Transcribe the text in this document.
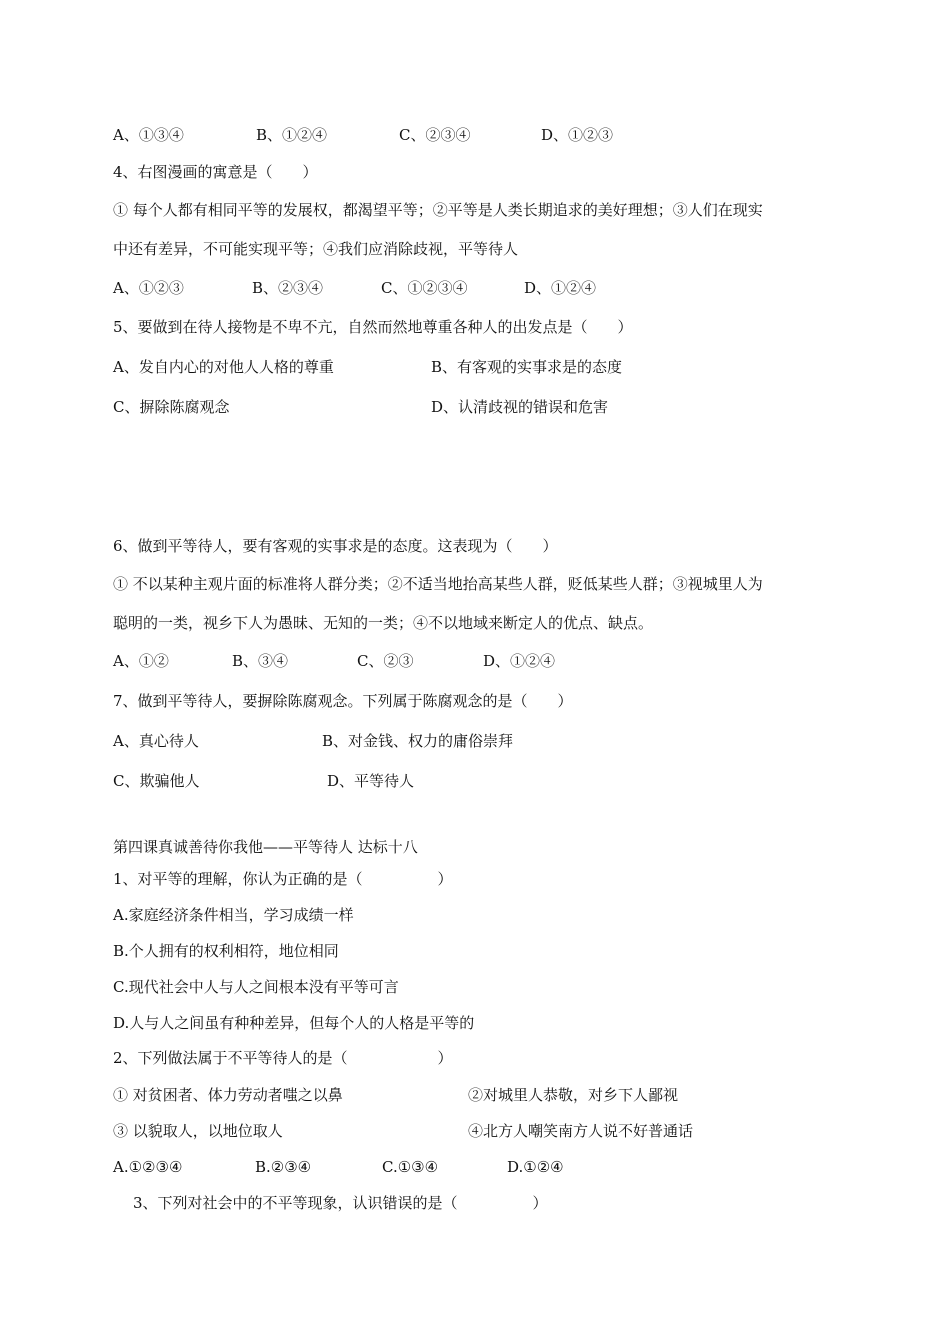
A、①③④	B、①②④	C、②③④	D、①②③
4、右图漫画的寓意是（　　）
① 每个人都有相同平等的发展权，都渴望平等；②平等是人类长期追求的美好理想；③人们在现实
中还有差异，不可能实现平等；④我们应消除歧视，平等待人
A、①②③	B、②③④	C、①②③④	D、①②④
5、要做到在待人接物是不卑不亢，自然而然地尊重各种人的出发点是（　　）
A、发自内心的对他人人格的尊重	B、有客观的实事求是的态度
C、摒除陈腐观念	D、认清歧视的错误和危害
6、做到平等待人，要有客观的实事求是的态度。这表现为（　　）
① 不以某种主观片面的标准将人群分类；②不适当地抬高某些人群，贬低某些人群；③视城里人为
聪明的一类，视乡下人为愚昧、无知的一类；④不以地域来断定人的优点、缺点。
A、①②	B、③④	C、②③	D、①②④
7、做到平等待人，要摒除陈腐观念。下列属于陈腐观念的是（　　）
A、真心待人	B、对金钱、权力的庸俗崇拜
C、欺骗他人	D、平等待人
第四课真诚善待你我他——平等待人 达标十八
1、对平等的理解，你认为正确的是（　　　　　）
A.家庭经济条件相当，学习成绩一样
B.个人拥有的权利相符，地位相同
C.现代社会中人与人之间根本没有平等可言
D.人与人之间虽有种种差异，但每个人的人格是平等的
2、下列做法属于不平等待人的是（　　　　　　）
① 对贫困者、体力劳动者嗤之以鼻	②对城里人恭敬，对乡下人鄙视
③ 以貌取人，以地位取人	④北方人嘲笑南方人说不好普通话
A.①②③④	B.②③④	C.①③④	D.①②④
3、下列对社会中的不平等现象，认识错误的是（　　　　　）
